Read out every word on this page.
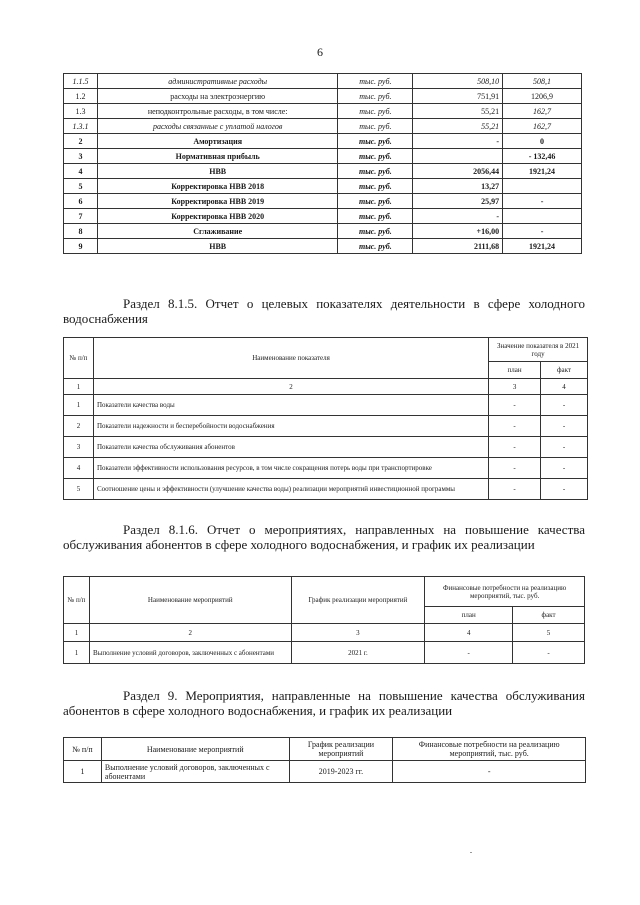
6
1.1.5	административные расходы	тыс. руб.	508,10	508,1
1.2	расходы на электроэнергию	тыс. руб.	751,91	1206,9
1.3	неподконтрольные расходы, в том числе:	тыс. руб.	55,21	162,7
1.3.1	расходы связанные с уплатой налогов	тыс. руб.	55,21	162,7
2	Амортизация	тыс. руб.	-	0
3	Нормативная прибыль	тыс. руб.		- 132,46
4	НВВ	тыс. руб.	2056,44	1921,24
5	Корректировка НВВ 2018	тыс. руб.	13,27	
6	Корректировка НВВ 2019	тыс. руб.	25,97	-
7	Корректировка НВВ 2020	тыс. руб.	-	
8	Сглаживание	тыс. руб.	+16,00	-
9	НВВ	тыс. руб.	2111,68	1921,24
Раздел 8.1.5. Отчет о целевых показателях деятельности в сфере холодного водоснабжения
№ п/п	Наименование показателя	Значение показателя в 2021 году	
		план	факт
1	2	3	4
1	Показатели качества воды	-	-
2	Показатели надежности и бесперебойности водоснабжения	-	-
3	Показатели качества обслуживания абонентов	-	-
4	Показатели эффективности использования ресурсов, в том числе сокращения потерь воды при транспортировке	-	-
5	Соотношение цены и эффективности (улучшение качества воды) реализации мероприятий инвестиционной программы	-	-
Раздел 8.1.6. Отчет о мероприятиях, направленных на повышение качества обслуживания абонентов в сфере холодного водоснабжения, и график их реализации
№ п/п	Наименование мероприятий	График реализации мероприятий	Финансовые потребности на реализацию мероприятий, тыс. руб.	
			план	факт
1	2	3	4	5
1	Выполнение условий договоров, заключенных с абонентами	2021 г.	-	-
Раздел 9. Мероприятия, направленные на повышение качества обслуживания абонентов в сфере холодного водоснабжения, и график их реализации
№ п/п	Наименование мероприятий	График реализации мероприятий	Финансовые потребности на реализацию мероприятий, тыс. руб.
1	Выполнение условий договоров, заключенных с абонентами	2019-2023 гг.	-
